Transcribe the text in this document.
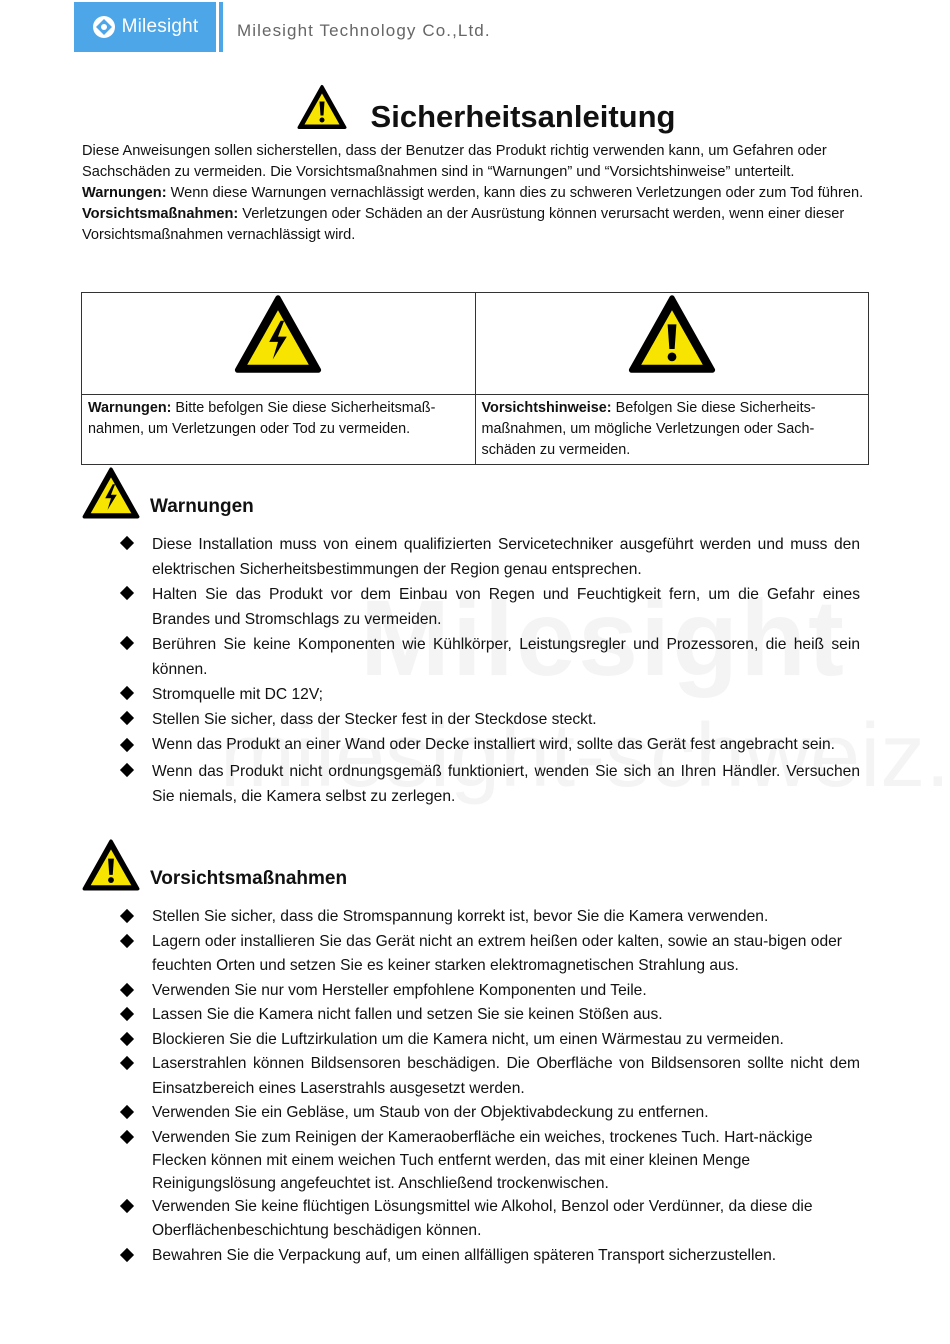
Milesight Milesight Technology Co.,Ltd.
Sicherheitsanleitung

Diese Anweisungen sollen sicherstellen, dass der Benutzer das Produkt richtig verwenden kann, um Gefahren oder Sachschäden zu vermeiden. Die Vorsichtsmaßnahmen sind in “Warnungen” und “Vorsichtshinweise” unterteilt.

Warnungen: Wenn diese Warnungen vernachlässigt werden, kann dies zu schweren Verletzungen oder zum Tod führen.

Vorsichtsmaßnahmen: Verletzungen oder Schäden an der Ausrüstung können verursacht werden, wenn einer dieser Vorsichtsmaßnahmen vernachlässigt wird.

Warnungen: Bitte befolgen Sie diese Sicherheitsmaß-nahmen, um Verletzungen oder Tod zu vermeiden.	Vorsichtshinweise: Befolgen Sie diese Sicherheits-maßnahmen, um mögliche Verletzungen oder Sach-schäden zu vermeiden.
Warnungen
Diese Installation muss von einem qualifizierten Servicetechniker ausgeführt werden und muss den elektrischen Sicherheitsbestimmungen der Region genau entsprechen.
Halten Sie das Produkt vor dem Einbau von Regen und Feuchtigkeit fern, um die Gefahr eines Brandes und Stromschlags zu vermeiden.
Berühren Sie keine Komponenten wie Kühlkörper, Leistungsregler und Prozessoren, die heiß sein können.
Stromquelle mit DC 12V;
Stellen Sie sicher, dass der Stecker fest in der Steckdose steckt.
Wenn das Produkt an einer Wand oder Decke installiert wird, sollte das Gerät fest angebracht sein.
Wenn das Produkt nicht ordnungsgemäß funktioniert, wenden Sie sich an Ihren Händler. Versuchen Sie niemals, die Kamera selbst zu zerlegen.
Vorsichtsmaßnahmen
Stellen Sie sicher, dass die Stromspannung korrekt ist, bevor Sie die Kamera verwenden.
Lagern oder installieren Sie das Gerät nicht an extrem heißen oder kalten, sowie an stau-bigen oder feuchten Orten und setzen Sie es keiner starken elektromagnetischen Strahlung aus.
Verwenden Sie nur vom Hersteller empfohlene Komponenten und Teile.
Lassen Sie die Kamera nicht fallen und setzen Sie sie keinen Stößen aus.
Blockieren Sie die Luftzirkulation um die Kamera nicht, um einen Wärmestau zu vermeiden.
Laserstrahlen können Bildsensoren beschädigen. Die Oberfläche von Bildsensoren sollte nicht dem Einsatzbereich eines Laserstrahls ausgesetzt werden.
Verwenden Sie ein Gebläse, um Staub von der Objektivabdeckung zu entfernen.
Verwenden Sie zum Reinigen der Kameraoberfläche ein weiches, trockenes Tuch. Hart-näckige Flecken können mit einem weichen Tuch entfernt werden, das mit einer kleinen Menge Reinigungslösung angefeuchtet ist. Anschließend trockenwischen.
Verwenden Sie keine flüchtigen Lösungsmittel wie Alkohol, Benzol oder Verdünner, da diese die Oberflächenbeschichtung beschädigen können.
Bewahren Sie die Verpackung auf, um einen allfälligen späteren Transport sicherzustellen.
